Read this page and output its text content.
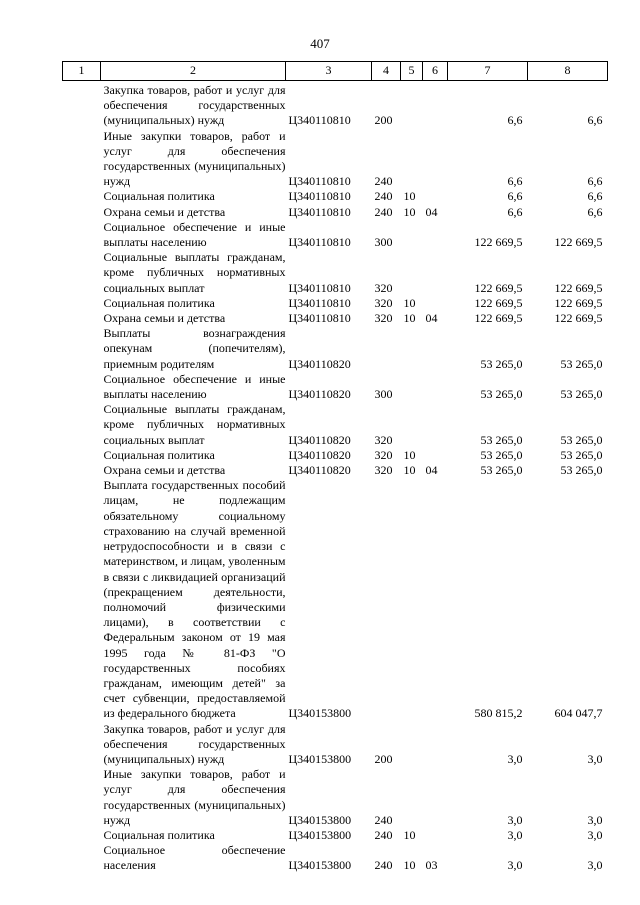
407
1	2	3	4	5	6	7	8
	Закупка товаров, работ и услуг для обеспечения государственных (муниципальных) нужд	Ц340110810	200			6,6	6,6
	Иные закупки товаров, работ и услуг для обеспечения государственных (муниципальных) нужд	Ц340110810	240			6,6	6,6
	Социальная политика	Ц340110810	240	10		6,6	6,6
	Охрана семьи и детства	Ц340110810	240	10	04	6,6	6,6
	Социальное обеспечение и иные выплаты населению	Ц340110810	300			122 669,5	122 669,5
	Социальные выплаты гражданам, кроме публичных нормативных социальных выплат	Ц340110810	320			122 669,5	122 669,5
	Социальная политика	Ц340110810	320	10		122 669,5	122 669,5
	Охрана семьи и детства	Ц340110810	320	10	04	122 669,5	122 669,5
	Выплаты вознаграждения опекунам (попечителям), приемным родителям	Ц340110820				53 265,0	53 265,0
	Социальное обеспечение и иные выплаты населению	Ц340110820	300			53 265,0	53 265,0
	Социальные выплаты гражданам, кроме публичных нормативных социальных выплат	Ц340110820	320			53 265,0	53 265,0
	Социальная политика	Ц340110820	320	10		53 265,0	53 265,0
	Охрана семьи и детства	Ц340110820	320	10	04	53 265,0	53 265,0
	Выплата государственных пособий лицам, не подлежащим обязательному социальному страхованию на случай временной нетрудоспособности и в связи с материнством, и лицам, уволенным в связи с ликвидацией организаций (прекращением деятельности, полномочий физическими лицами), в соответствии с Федеральным законом от 19 мая 1995 года № 81-ФЗ "О государственных пособиях гражданам, имеющим детей" за счет субвенции, предоставляемой из федерального бюджета	Ц340153800				580 815,2	604 047,7
	Закупка товаров, работ и услуг для обеспечения государственных (муниципальных) нужд	Ц340153800	200			3,0	3,0
	Иные закупки товаров, работ и услуг для обеспечения государственных (муниципальных) нужд	Ц340153800	240			3,0	3,0
	Социальная политика	Ц340153800	240	10		3,0	3,0
	Социальное обеспечение населения	Ц340153800	240	10	03	3,0	3,0
